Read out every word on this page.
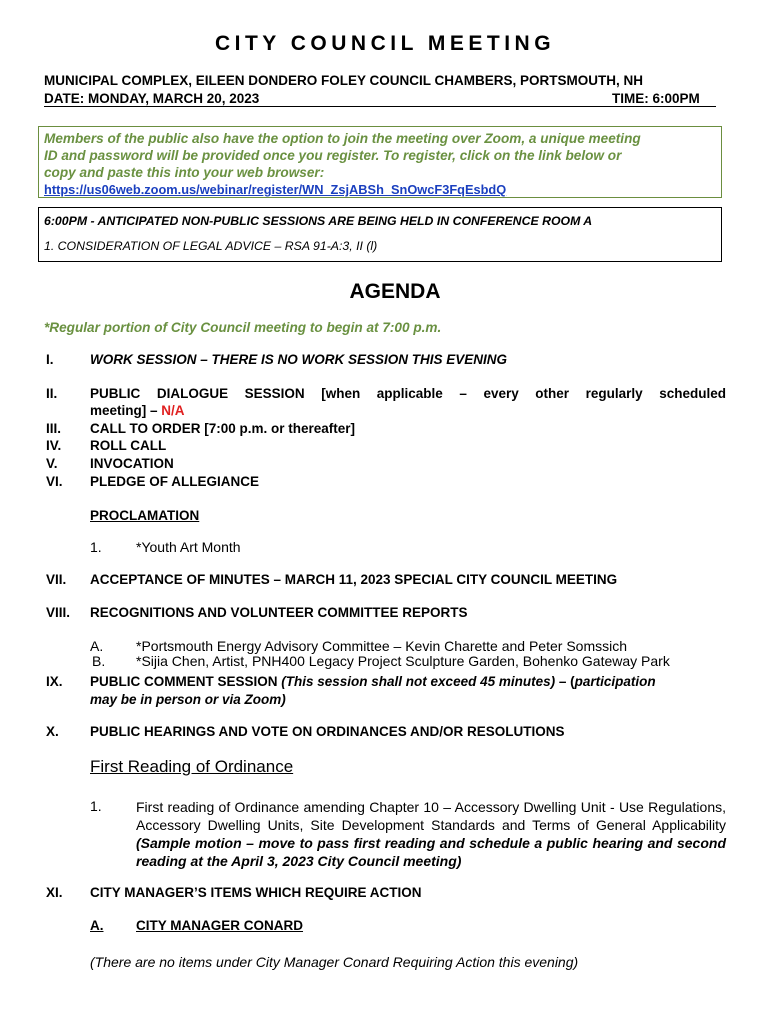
CITY COUNCIL MEETING
MUNICIPAL COMPLEX, EILEEN DONDERO FOLEY COUNCIL CHAMBERS, PORTSMOUTH, NH
DATE: MONDAY, MARCH 20, 2023	TIME: 6:00PM
Members of the public also have the option to join the meeting over Zoom, a unique meeting
ID and password will be provided once you register. To register, click on the link below or
copy and paste this into your web browser:
https://us06web.zoom.us/webinar/register/WN_ZsjABSh_SnOwcF3FqEsbdQ
6:00PM - ANTICIPATED NON-PUBLIC SESSIONS ARE BEING HELD IN CONFERENCE ROOM A
1. CONSIDERATION OF LEGAL ADVICE – RSA 91-A:3, II (l)
AGENDA
*Regular portion of City Council meeting to begin at 7:00 p.m.
I.	WORK SESSION – THERE IS NO WORK SESSION THIS EVENING
II. PUBLIC DIALOGUE SESSION [when applicable – every other regularly scheduled
meeting] – N/A
III. CALL TO ORDER [7:00 p.m. or thereafter]
IV. ROLL CALL
V. INVOCATION
VI. PLEDGE OF ALLEGIANCE
PROCLAMATION
1. *Youth Art Month
VII. ACCEPTANCE OF MINUTES – MARCH 11, 2023 SPECIAL CITY COUNCIL MEETING
VIII. RECOGNITIONS AND VOLUNTEER COMMITTEE REPORTS
A. *Portsmouth Energy Advisory Committee – Kevin Charette and Peter Somssich
B. *Sijia Chen, Artist, PNH400 Legacy Project Sculpture Garden, Bohenko Gateway Park
IX. PUBLIC COMMENT SESSION (This session shall not exceed 45 minutes) – (participation
may be in person or via Zoom)
X. PUBLIC HEARINGS AND VOTE ON ORDINANCES AND/OR RESOLUTIONS
First Reading of Ordinance
1. First reading of Ordinance amending Chapter 10 – Accessory Dwelling Unit - Use Regulations, Accessory Dwelling Units, Site Development Standards and Terms of General Applicability (Sample motion – move to pass first reading and schedule a public hearing and second reading at the April 3, 2023 City Council meeting)
XI. CITY MANAGER’S ITEMS WHICH REQUIRE ACTION
A. CITY MANAGER CONARD
(There are no items under City Manager Conard Requiring Action this evening)
